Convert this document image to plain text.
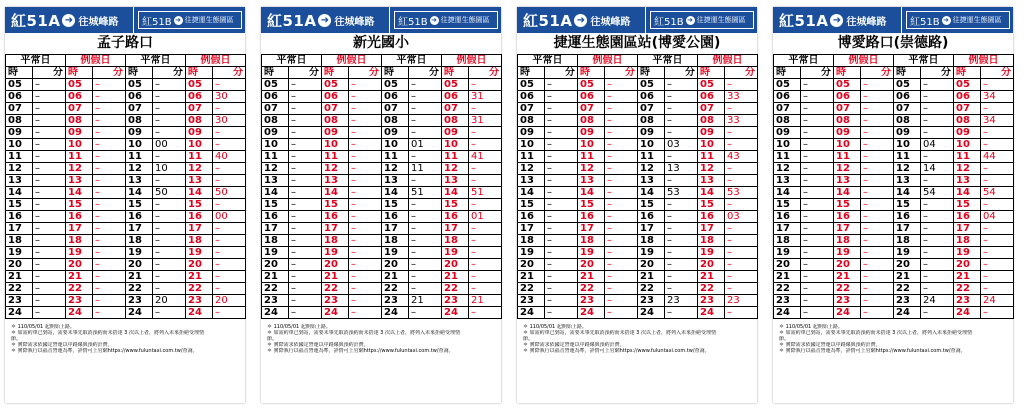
紅51A ➜ 往城峰路 紅51B ➜ 往捷運生態園區
孟子路口
平常日		例假日		平常日		例假日	
時	分	時	分	時	分	時	分
05	–	05	–	05	–	05	–
06	–	06	–	06	–	06	30
07	–	07	–	07	–	07	–
08	–	08	–	08	–	08	30
09	–	09	–	09	–	09	–
10	–	10	–	10	00	10	–
11	–	11	–	11	–	11	40
12	–	12	–	12	10	12	–
13	–	13	–	13	–	13	–
14	–	14	–	14	50	14	50
15	–	15	–	15	–	15	–
16	–	16	–	16	–	16	00
17	–	17	–	17	–	17	–
18	–	18	–	18	–	18	–
19	–	19	–	19	–	19	–
20	–	20	–	20	–	20	–
21	–	21	–	21	–	21	–
22	–	22	–	22	–	22	–
23	–	23	–	23	20	23	20
24	–	24	–	24	–	24	–
＊ 110/05/01 起開始上路。
＊ 如需約車已到站，需要未事先取消預約而未搭達 3 次以上者，將列入未來拒絕受理情
節。
＊ 實際需求依國定營運以中路線與預約計費。
＊ 實際執行以福音營運為準，詳情可上官網https://www.fuluntaxi.com.tw/查詢。
紅51A ➜ 往城峰路 紅51B ➜ 往捷運生態園區
新光國小
平常日		例假日		平常日		例假日	
時	分	時	分	時	分	時	分
05	–	05	–	05	–	05	–
06	–	06	–	06	–	06	31
07	–	07	–	07	–	07	–
08	–	08	–	08	–	08	31
09	–	09	–	09	–	09	–
10	–	10	–	10	01	10	–
11	–	11	–	11	–	11	41
12	–	12	–	12	11	12	–
13	–	13	–	13	–	13	–
14	–	14	–	14	51	14	51
15	–	15	–	15	–	15	–
16	–	16	–	16	–	16	01
17	–	17	–	17	–	17	–
18	–	18	–	18	–	18	–
19	–	19	–	19	–	19	–
20	–	20	–	20	–	20	–
21	–	21	–	21	–	21	–
22	–	22	–	22	–	22	–
23	–	23	–	23	21	23	21
24	–	24	–	24	–	24	–
＊ 110/05/01 起開始上路。
＊ 如需約車已到站，需要未事先取消預約而未搭達 3 次以上者，將列入未來拒絕受理情
節。
＊ 實際需求依國定營運以中路線與預約計費。
＊ 實際執行以福音營運為準，詳情可上官網https://www.fuluntaxi.com.tw/查詢。
紅51A ➜ 往城峰路 紅51B ➜ 往捷運生態園區
捷運生態園區站(博愛公園)
平常日		例假日		平常日		例假日	
時	分	時	分	時	分	時	分
05	–	05	–	05	–	05	–
06	–	06	–	06	–	06	33
07	–	07	–	07	–	07	–
08	–	08	–	08	–	08	33
09	–	09	–	09	–	09	–
10	–	10	–	10	03	10	–
11	–	11	–	11	–	11	43
12	–	12	–	12	13	12	–
13	–	13	–	13	–	13	–
14	–	14	–	14	53	14	53
15	–	15	–	15	–	15	–
16	–	16	–	16	–	16	03
17	–	17	–	17	–	17	–
18	–	18	–	18	–	18	–
19	–	19	–	19	–	19	–
20	–	20	–	20	–	20	–
21	–	21	–	21	–	21	–
22	–	22	–	22	–	22	–
23	–	23	–	23	23	23	23
24	–	24	–	24	–	24	–
＊ 110/05/01 起開始上路。
＊ 如需約車已到站，需要未事先取消預約而未搭達 3 次以上者，將列入未來拒絕受理情
節。
＊ 實際需求依國定營運以中路線與預約計費。
＊ 實際執行以福音營運為準，詳情可上官網https://www.fuluntaxi.com.tw/查詢。
紅51A ➜ 往城峰路 紅51B ➜ 往捷運生態園區
博愛路口(崇德路)
平常日		例假日		平常日		例假日	
時	分	時	分	時	分	時	分
05	–	05	–	05	–	05	–
06	–	06	–	06	–	06	34
07	–	07	–	07	–	07	–
08	–	08	–	08	–	08	34
09	–	09	–	09	–	09	–
10	–	10	–	10	04	10	–
11	–	11	–	11	–	11	44
12	–	12	–	12	14	12	–
13	–	13	–	13	–	13	–
14	–	14	–	14	54	14	54
15	–	15	–	15	–	15	–
16	–	16	–	16	–	16	04
17	–	17	–	17	–	17	–
18	–	18	–	18	–	18	–
19	–	19	–	19	–	19	–
20	–	20	–	20	–	20	–
21	–	21	–	21	–	21	–
22	–	22	–	22	–	22	–
23	–	23	–	23	24	23	24
24	–	24	–	24	–	24	–
＊ 110/05/01 起開始上路。
＊ 如需約車已到站，需要未事先取消預約而未搭達 3 次以上者，將列入未來拒絕受理情
節。
＊ 實際需求依國定營運以中路線與預約計費。
＊ 實際執行以福音營運為準，詳情可上官網https://www.fuluntaxi.com.tw/查詢。
